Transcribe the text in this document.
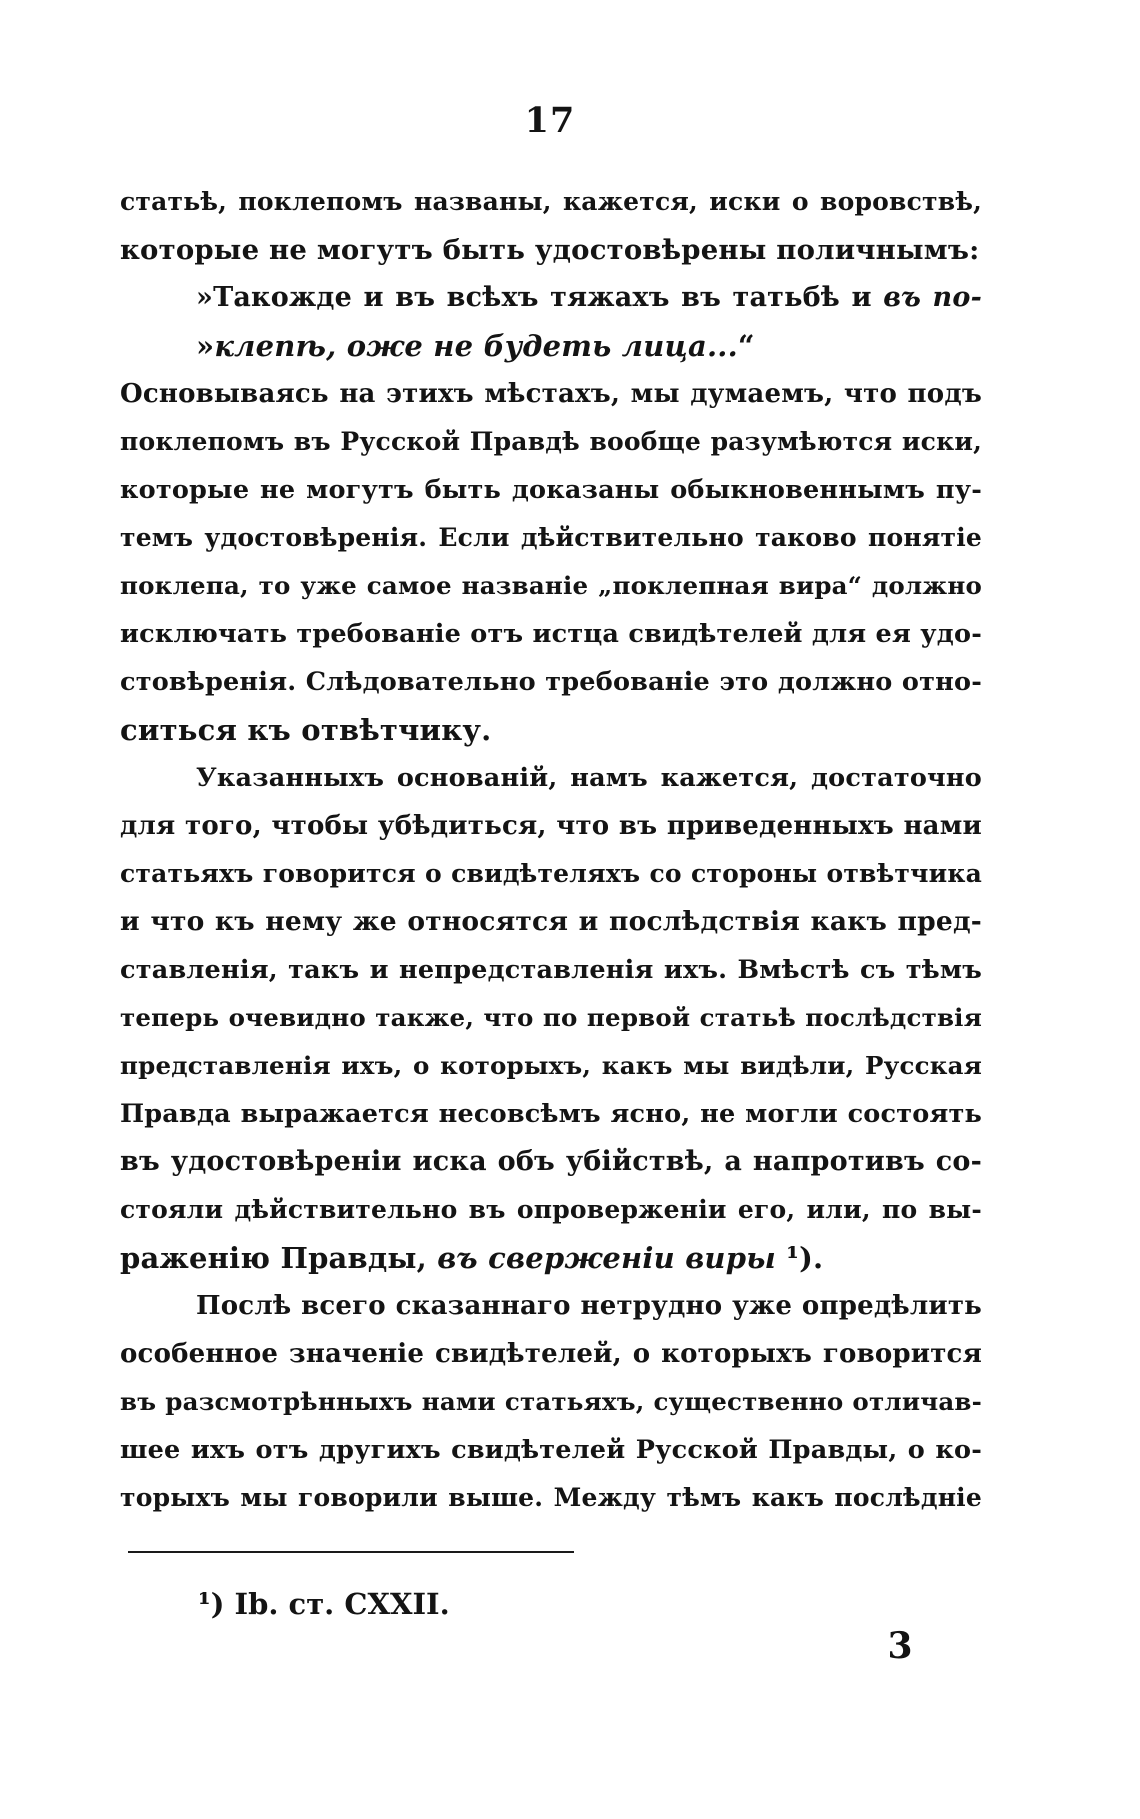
17
статьѣ, поклепомъ названы, кажется, иски о воровствѣ,
которые не могутъ быть удостовѣрены поличнымъ:
»Такожде и въ всѣхъ тяжахъ въ татьбѣ и въ по-
»клепѣ, оже не будеть лица...“
Основываясь на этихъ мѣстахъ, мы думаемъ, что подъ
поклепомъ въ Русской Правдѣ вообще разумѣются иски,
которые не могутъ быть доказаны обыкновеннымъ пу-
темъ удостовѣренія. Если дѣйствительно таково понятіе
поклепа, то уже самое названіе „поклепная вира“ должно
исключать требованіе отъ истца свидѣтелей для ея удо-
стовѣренія. Слѣдовательно требованіе это должно отно-
ситься къ отвѣтчику.
Указанныхъ основаній, намъ кажется, достаточно
для того, чтобы убѣдиться, что въ приведенныхъ нами
статьяхъ говорится о свидѣтеляхъ со стороны отвѣтчика
и что къ нему же относятся и послѣдствія какъ пред-
ставленія, такъ и непредставленія ихъ. Вмѣстѣ съ тѣмъ
теперь очевидно также, что по первой статьѣ послѣдствія
представленія ихъ, о которыхъ, какъ мы видѣли, Русская
Правда выражается несовсѣмъ ясно, не могли состоять
въ удостовѣреніи иска объ убійствѣ, а напротивъ со-
стояли дѣйствительно въ опроверженіи его, или, по вы-
раженію Правды, въ сверженіи виры ¹).
Послѣ всего сказаннаго нетрудно уже опредѣлить
особенное значеніе свидѣтелей, о которыхъ говорится
въ разсмотрѣнныхъ нами статьяхъ, существенно отличав-
шее ихъ отъ другихъ свидѣтелей Русской Правды, о ко-
торыхъ мы говорили выше. Между тѣмъ какъ послѣдніе
¹) Ib. ст. CXXII.
3
